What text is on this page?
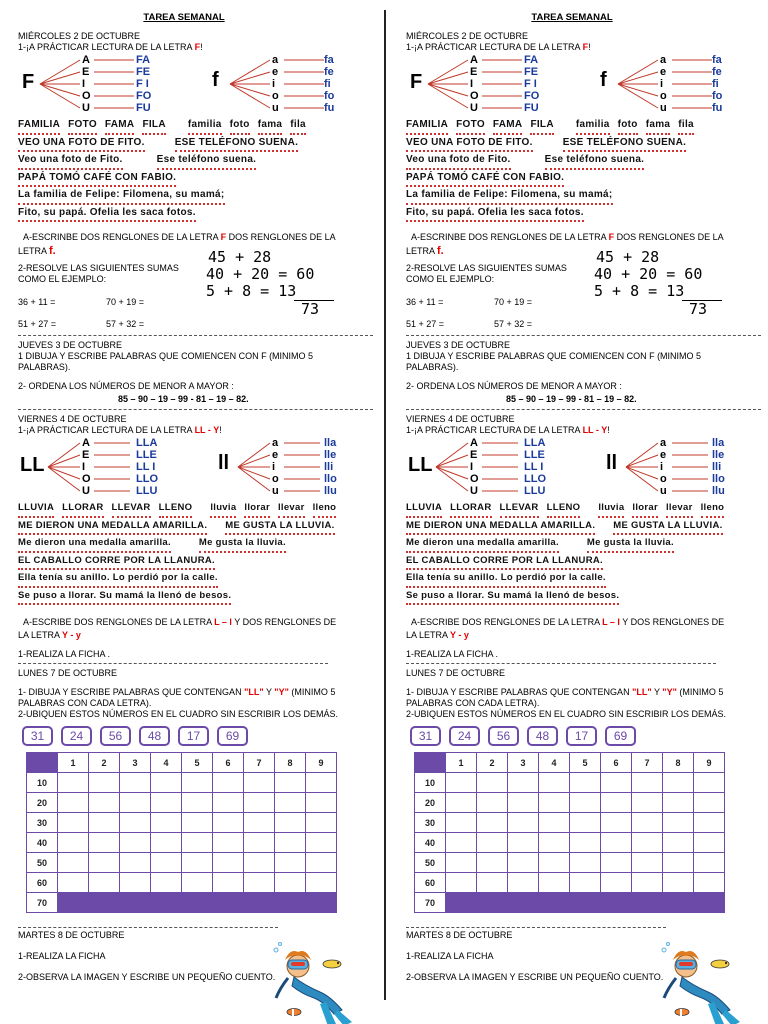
TAREA SEMANAL
MIÉRCOLES 2 DE OCTUBRE
1-¡A PRÁCTICAR LECTURA DE LA LETRA F!
F	f
A	FA
E	FE
I	F I
O	FO
U	FU
a	fa
e	fe
i	fi
o	fo
u	fu
FAMILIA FOTO FAMA FILA familia foto fama fila
VEO UNA FOTO DE FITO.	ESE TELÉFONO SUENA.
Veo una foto de Fito.	Ese teléfono suena.
PAPÁ TOMÓ CAFÉ CON FABIO.
La familia de Felipe: Filomena, su mamá;
Fito, su papá. Ofelia les saca fotos.
A-ESCRINBE DOS RENGLONES DE LA LETRA F DOS RENGLONES DE LA
LETRA f.
2-RESOLVE LAS SIGUIENTES SUMAS
COMO EL EJEMPLO:
36 + 11 =	70 + 19 =
51 + 27 =	57 + 32 =
45 + 28
40 + 20 = 60
5 + 8 = 13
73
JUEVES 3 DE OCTUBRE
1 DIBUJA Y ESCRIBE PALABRAS QUE COMIENCEN CON F (MINIMO 5
PALABRAS).
2- ORDENA LOS NÚMEROS DE MENOR A MAYOR :
85 – 90 – 19 – 99 - 81 – 19 – 82.
VIERNES 4 DE OCTUBRE
1-¡A PRÁCTICAR LECTURA DE LA LETRA LL - Y!
LL	ll
A	LLA
E	LLE
I	LL I
O	LLO
U	LLU
a	lla
e	lle
i	lli
o	llo
u	llu
LLUVIA LLORAR LLEVAR LLENO lluvia llorar llevar lleno
ME DIERON UNA MEDALLA AMARILLA. ME GUSTA LA LLUVIA.
Me dieron una medalla amarilla.	Me gusta la lluvia.
EL CABALLO CORRE POR LA LLANURA.
Ella tenía su anillo. Lo perdió por la calle.
Se puso a llorar. Su mamá la llenó de besos.
A-ESCRIBE DOS RENGLONES DE LA LETRA L – l Y DOS RENGLONES DE
LA LETRA Y - y
1-REALIZA LA FICHA .
LUNES 7 DE OCTUBRE
1- DIBUJA Y ESCRIBE PALABRAS QUE CONTENGAN "LL" Y "Y" (MINIMO 5
PALABRAS CON CADA LETRA).
2-UBIQUEN ESTOS NÚMEROS EN EL CUADRO SIN ESCRIBIR LOS DEMÁS.
31	24	56	48	17	69
	1	2	3	4	5	6	7	8	9
10									
20									
30									
40									
50									
60									
70									
MARTES 8 DE OCTUBRE
1-REALIZA LA FICHA
2-OBSERVA LA IMAGEN Y ESCRIBE UN PEQUEÑO CUENTO.
TAREA SEMANAL
MIÉRCOLES 2 DE OCTUBRE
1-¡A PRÁCTICAR LECTURA DE LA LETRA F!
F	f
A	FA
E	FE
I	F I
O	FO
U	FU
a	fa
e	fe
i	fi
o	fo
u	fu
FAMILIA FOTO FAMA FILA familia foto fama fila
VEO UNA FOTO DE FITO.	ESE TELÉFONO SUENA.
Veo una foto de Fito.	Ese teléfono suena.
PAPÁ TOMÓ CAFÉ CON FABIO.
La familia de Felipe: Filomena, su mamá;
Fito, su papá. Ofelia les saca fotos.
A-ESCRINBE DOS RENGLONES DE LA LETRA F DOS RENGLONES DE LA
LETRA f.
2-RESOLVE LAS SIGUIENTES SUMAS
COMO EL EJEMPLO:
36 + 11 =	70 + 19 =
51 + 27 =	57 + 32 =
45 + 28
40 + 20 = 60
5 + 8 = 13
73
JUEVES 3 DE OCTUBRE
1 DIBUJA Y ESCRIBE PALABRAS QUE COMIENCEN CON F (MINIMO 5
PALABRAS).
2- ORDENA LOS NÚMEROS DE MENOR A MAYOR :
85 – 90 – 19 – 99 - 81 – 19 – 82.
VIERNES 4 DE OCTUBRE
1-¡A PRÁCTICAR LECTURA DE LA LETRA LL - Y!
LL	ll
A	LLA
E	LLE
I	LL I
O	LLO
U	LLU
a	lla
e	lle
i	lli
o	llo
u	llu
LLUVIA LLORAR LLEVAR LLENO lluvia llorar llevar lleno
ME DIERON UNA MEDALLA AMARILLA. ME GUSTA LA LLUVIA.
Me dieron una medalla amarilla.	Me gusta la lluvia.
EL CABALLO CORRE POR LA LLANURA.
Ella tenía su anillo. Lo perdió por la calle.
Se puso a llorar. Su mamá la llenó de besos.
A-ESCRIBE DOS RENGLONES DE LA LETRA L – l Y DOS RENGLONES DE
LA LETRA Y - y
1-REALIZA LA FICHA .
LUNES 7 DE OCTUBRE
1- DIBUJA Y ESCRIBE PALABRAS QUE CONTENGAN "LL" Y "Y" (MINIMO 5
PALABRAS CON CADA LETRA).
2-UBIQUEN ESTOS NÚMEROS EN EL CUADRO SIN ESCRIBIR LOS DEMÁS.
31	24	56	48	17	69
	1	2	3	4	5	6	7	8	9
10									
20									
30									
40									
50									
60									
70									
MARTES 8 DE OCTUBRE
1-REALIZA LA FICHA
2-OBSERVA LA IMAGEN Y ESCRIBE UN PEQUEÑO CUENTO.
